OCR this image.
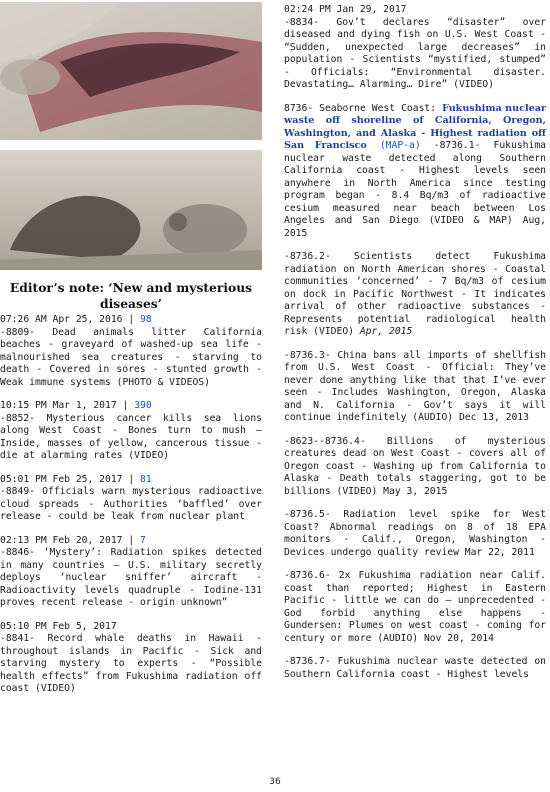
Editor’s note: ‘New and mysterious diseases’
07:26 AM Apr 25, 2016 | 98
-8809- Dead animals litter California beaches - graveyard of washed-up sea life - malnourished sea creatures - starving to death - Covered in sores - stunted growth - Weak immune systems (PHOTO & VIDEOS)
10:15 PM Mar 1, 2017 | 390
-8852- Mysterious cancer kills sea lions along West Coast - Bones turn to mush – Inside, masses of yellow, cancerous tissue - die at alarming rates (VIDEO)
05:01 PM Feb 25, 2017 | 81
-8849- Officials warn mysterious radioactive cloud spreads - Authorities ‘baffled’ over release - could be leak from nuclear plant
02:13 PM Feb 20, 2017 | 7
-8846- ‘Mystery’: Radiation spikes detected in many countries – U.S. military secretly deploys ‘nuclear sniffer’ aircraft - Radioactivity levels quadruple - Iodine-131 proves recent release - origin unknown”
05:10 PM Feb 5, 2017
-8841- Record whale deaths in Hawaii - throughout islands in Pacific - Sick and starving mystery to experts - “Possible health effects” from Fukushima radiation off coast (VIDEO)
02:24 PM Jan 29, 2017
-8834- Gov’t declares “disaster” over diseased and dying fish on U.S. West Coast - “Sudden, unexpected large decreases” in population - Scientists “mystified, stumped” - Officials: “Environmental disaster. Devastating… Alarming… Dire” (VIDEO)
8736- Seaborne West Coast: Fukushima nuclear waste off shoreline of California, Oregon, Washington, and Alaska - Highest radiation off San Francisco (MAP-a) -8736.1- Fukushima nuclear waste detected along Southern California coast - Highest levels seen anywhere in North America since testing program began - 8.4 Bq/m3 of radioactive cesium measured near beach between Los Angeles and San Diego (VIDEO & MAP) Aug, 2015
-8736.2- Scientists detect Fukushima radiation on North American shores - Coastal communities ‘concerned’ - 7 Bq/m3 of cesium on dock in Pacific Northwest - It indicates arrival of other radioactive substances - Represents potential radiological health risk (VIDEO) Apr, 2015
-8736.3- China bans all imports of shellfish from U.S. West Coast - Official: They’ve never done anything like that that I’ve ever seen - Includes Washington, Oregon, Alaska and N. California - Gov’t says it will continue indefinitely (AUDIO) Dec 13, 2013
-8623--8736.4- Billions of mysterious creatures dead on West Coast - covers all of Oregon coast - Washing up from California to Alaska - Death totals staggering, got to be billions (VIDEO) May 3, 2015
-8736.5- Radiation level spike for West Coast? Abnormal readings on 8 of 18 EPA monitors - Calif., Oregon, Washington - Devices undergo quality review Mar 22, 2011
-8736.6- 2x Fukushima radiation near Calif. coast than reported; Highest in Eastern Pacific - little we can do – unprecedented - God forbid anything else happens - Gundersen: Plumes on west coast - coming for century or more (AUDIO) Nov 20, 2014
-8736.7- Fukushima nuclear waste detected on Southern California coast - Highest levels
36
